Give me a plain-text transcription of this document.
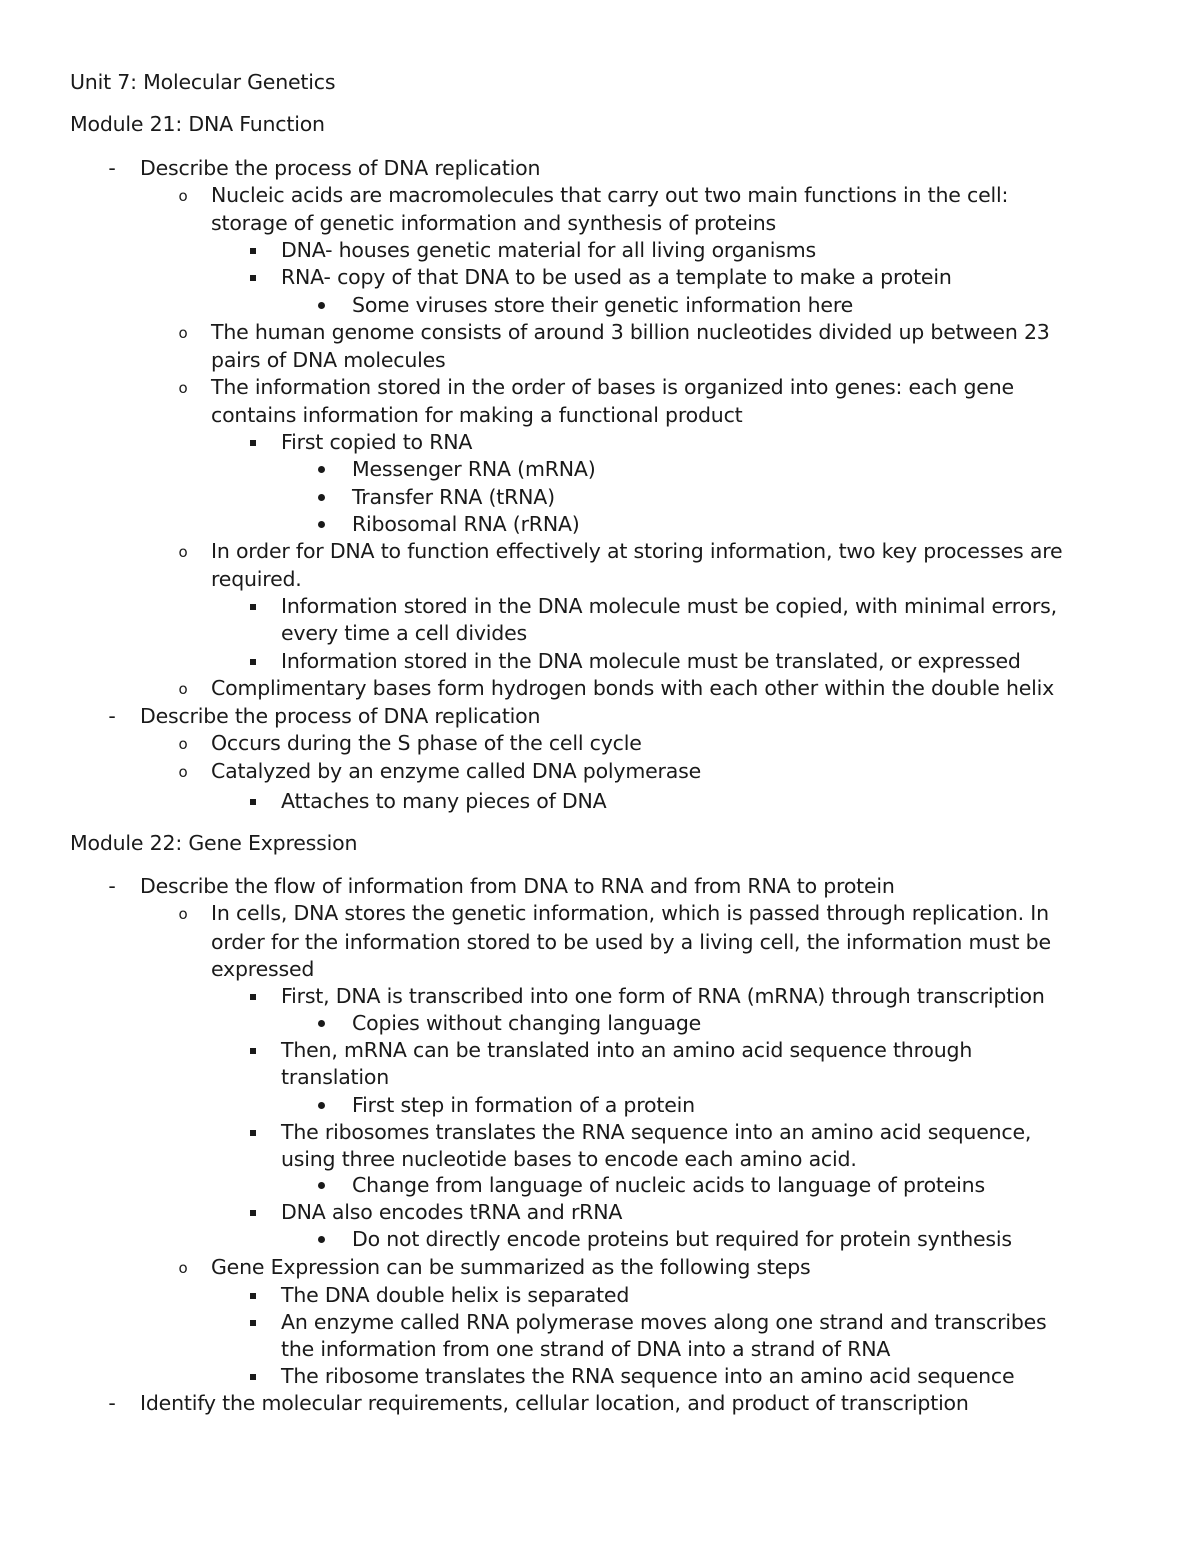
Unit 7: Molecular Genetics
Module 21: DNA Function
- Describe the process of DNA replication
o Nucleic acids are macromolecules that carry out two main functions in the cell:
storage of genetic information and synthesis of proteins
DNA- houses genetic material for all living organisms
RNA- copy of that DNA to be used as a template to make a protein
Some viruses store their genetic information here
o The human genome consists of around 3 billion nucleotides divided up between 23
pairs of DNA molecules
o The information stored in the order of bases is organized into genes: each gene
contains information for making a functional product
First copied to RNA
Messenger RNA (mRNA)
Transfer RNA (tRNA)
Ribosomal RNA (rRNA)
o In order for DNA to function effectively at storing information, two key processes are
required.
Information stored in the DNA molecule must be copied, with minimal errors,
every time a cell divides
Information stored in the DNA molecule must be translated, or expressed
o Complimentary bases form hydrogen bonds with each other within the double helix
- Describe the process of DNA replication
o Occurs during the S phase of the cell cycle
o Catalyzed by an enzyme called DNA polymerase
Attaches to many pieces of DNA
Module 22: Gene Expression
- Describe the flow of information from DNA to RNA and from RNA to protein
o In cells, DNA stores the genetic information, which is passed through replication. In
order for the information stored to be used by a living cell, the information must be
expressed
First, DNA is transcribed into one form of RNA (mRNA) through transcription
Copies without changing language
Then, mRNA can be translated into an amino acid sequence through
translation
First step in formation of a protein
The ribosomes translates the RNA sequence into an amino acid sequence,
using three nucleotide bases to encode each amino acid.
Change from language of nucleic acids to language of proteins
DNA also encodes tRNA and rRNA
Do not directly encode proteins but required for protein synthesis
o Gene Expression can be summarized as the following steps
The DNA double helix is separated
An enzyme called RNA polymerase moves along one strand and transcribes
the information from one strand of DNA into a strand of RNA
The ribosome translates the RNA sequence into an amino acid sequence
- Identify the molecular requirements, cellular location, and product of transcription
